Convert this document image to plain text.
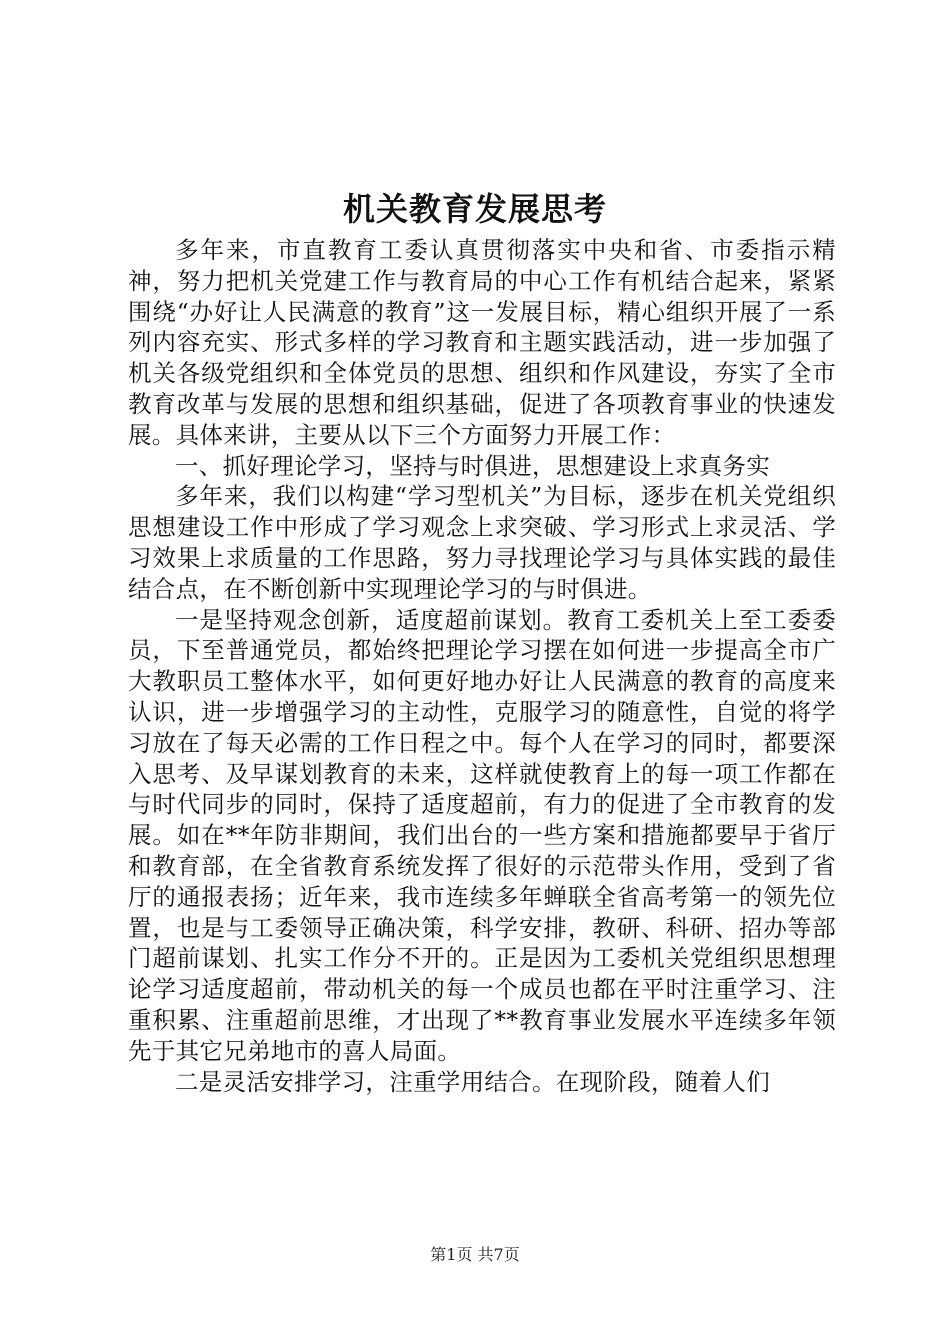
机关教育发展思考

多年来，市直教育工委认真贯彻落实中央和省、市委指示精神，努力把机关党建工作与教育局的中心工作有机结合起来，紧紧围绕“办好让人民满意的教育”这一发展目标，精心组织开展了一系列内容充实、形式多样的学习教育和主题实践活动，进一步加强了机关各级党组织和全体党员的思想、组织和作风建设，夯实了全市教育改革与发展的思想和组织基础，促进了各项教育事业的快速发展。具体来讲，主要从以下三个方面努力开展工作：

一、抓好理论学习，坚持与时俱进，思想建设上求真务实

多年来，我们以构建“学习型机关”为目标，逐步在机关党组织思想建设工作中形成了学习观念上求突破、学习形式上求灵活、学习效果上求质量的工作思路，努力寻找理论学习与具体实践的最佳结合点，在不断创新中实现理论学习的与时俱进。

一是坚持观念创新，适度超前谋划。教育工委机关上至工委委员，下至普通党员，都始终把理论学习摆在如何进一步提高全市广大教职员工整体水平，如何更好地办好让人民满意的教育的高度来认识，进一步增强学习的主动性，克服学习的随意性，自觉的将学习放在了每天必需的工作日程之中。每个人在学习的同时，都要深入思考、及早谋划教育的未来，这样就使教育上的每一项工作都在与时代同步的同时，保持了适度超前，有力的促进了全市教育的发展。如在**年防非期间，我们出台的一些方案和措施都要早于省厅和教育部，在全省教育系统发挥了很好的示范带头作用，受到了省厅的通报表扬；近年来，我市连续多年蝉联全省高考第一的领先位置，也是与工委领导正确决策，科学安排，教研、科研、招办等部门超前谋划、扎实工作分不开的。正是因为工委机关党组织思想理论学习适度超前，带动机关的每一个成员也都在平时注重学习、注重积累、注重超前思维，才出现了**教育事业发展水平连续多年领先于其它兄弟地市的喜人局面。

二是灵活安排学习，注重学用结合。在现阶段，随着人们

第1页 共7页
